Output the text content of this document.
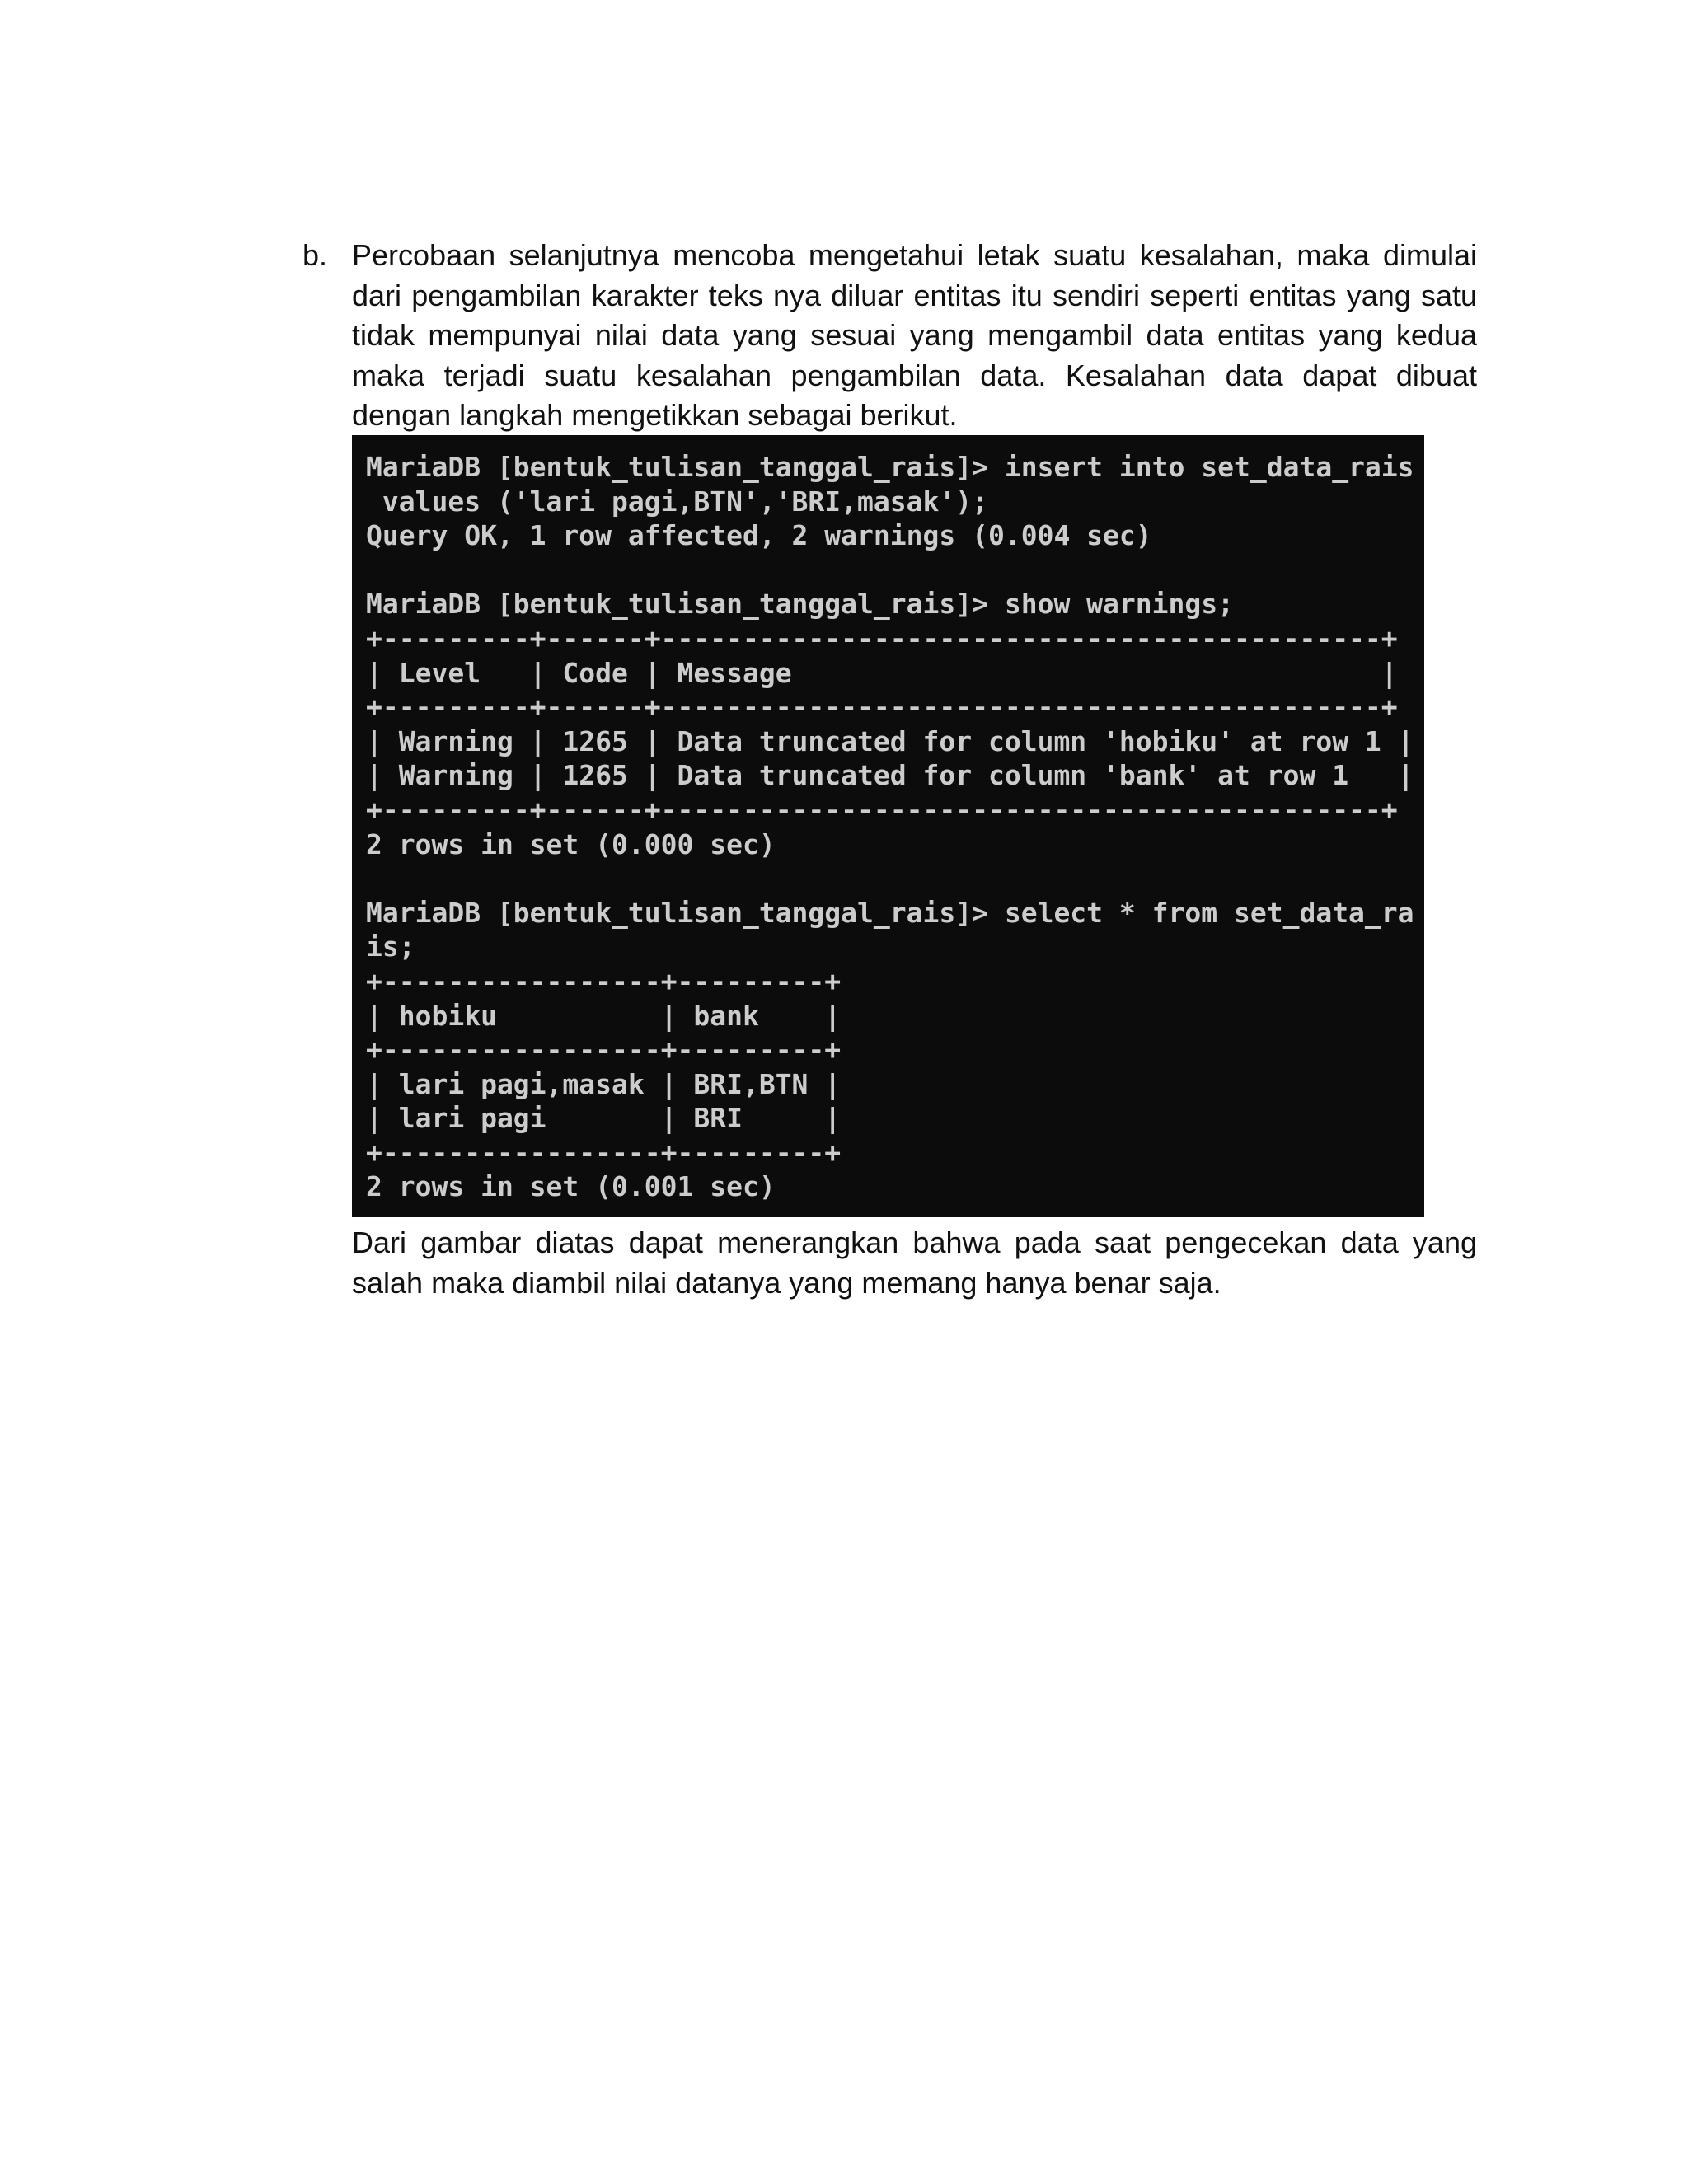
b. Percobaan selanjutnya mencoba mengetahui letak suatu kesalahan, maka dimulai dari pengambilan karakter teks nya diluar entitas itu sendiri seperti entitas yang satu tidak mempunyai nilai data yang sesuai yang mengambil data entitas yang kedua maka terjadi suatu kesalahan pengambilan data. Kesalahan data dapat dibuat dengan langkah mengetikkan sebagai berikut.
MariaDB [bentuk_tulisan_tanggal_rais]> insert into set_data_rais
values ('lari pagi,BTN','BRI,masak');
Query OK, 1 row affected, 2 warnings (0.004 sec)

MariaDB [bentuk_tulisan_tanggal_rais]> show warnings;
+---------+------+--------------------------------------------+
| Level   | Code | Message                                    |
+---------+------+--------------------------------------------+
| Warning | 1265 | Data truncated for column 'hobiku' at row 1 |
| Warning | 1265 | Data truncated for column 'bank' at row 1   |
+---------+------+--------------------------------------------+
2 rows in set (0.000 sec)

MariaDB [bentuk_tulisan_tanggal_rais]> select * from set_data_ra
is;
+-----------------+---------+
| hobiku          | bank    |
+-----------------+---------+
| lari pagi,masak | BRI,BTN |
| lari pagi       | BRI     |
+-----------------+---------+
2 rows in set (0.001 sec)
Dari gambar diatas dapat menerangkan bahwa pada saat pengecekan data yang salah maka diambil nilai datanya yang memang hanya benar saja.
